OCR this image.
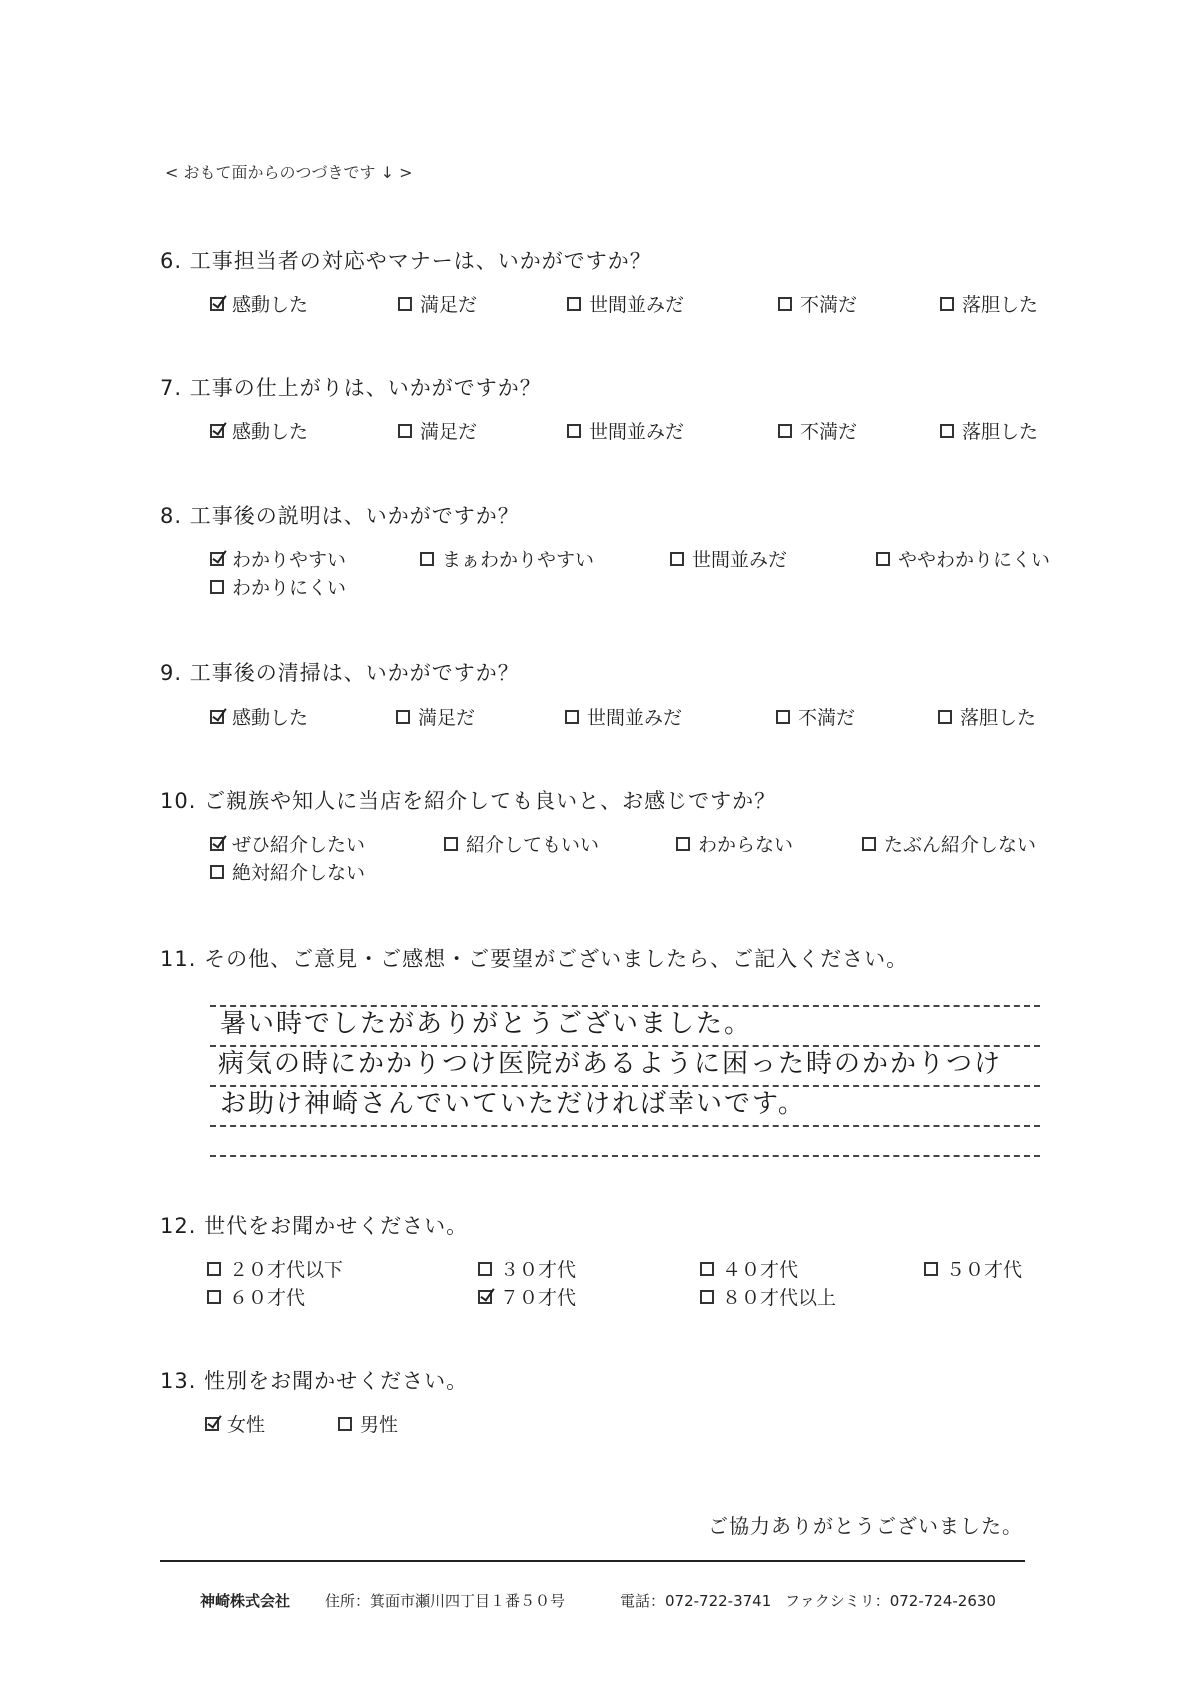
< おもて面からのつづきです ↓ >
6. 工事担当者の対応やマナーは、いかがですか？
感動した	満足だ	世間並みだ	不満だ	落胆した
7. 工事の仕上がりは、いかがですか？
感動した	満足だ	世間並みだ	不満だ	落胆した
8. 工事後の説明は、いかがですか？
わかりやすい	まぁわかりやすい	世間並みだ	ややわかりにくい
わかりにくい
9. 工事後の清掃は、いかがですか？
感動した	満足だ	世間並みだ	不満だ	落胆した
10. ご親族や知人に当店を紹介しても良いと、お感じですか？
ぜひ紹介したい	紹介してもいい	わからない	たぶん紹介しない
絶対紹介しない
11. その他、ご意見・ご感想・ご要望がございましたら、ご記入ください。
暑い時でしたがありがとうございました。
病気の時にかかりつけ医院があるように困った時のかかりつけ
お助け神崎さんでいていただければ幸いです。
12. 世代をお聞かせください。
２０才代以下	３０才代	４０才代	５０才代
６０才代	７０才代	８０才代以上
13. 性別をお聞かせください。
女性	男性
ご協力ありがとうございました。
神崎株式会社 住所：箕面市瀬川四丁目１番５０号	電話：072-722-3741 ファクシミリ：072-724-2630
